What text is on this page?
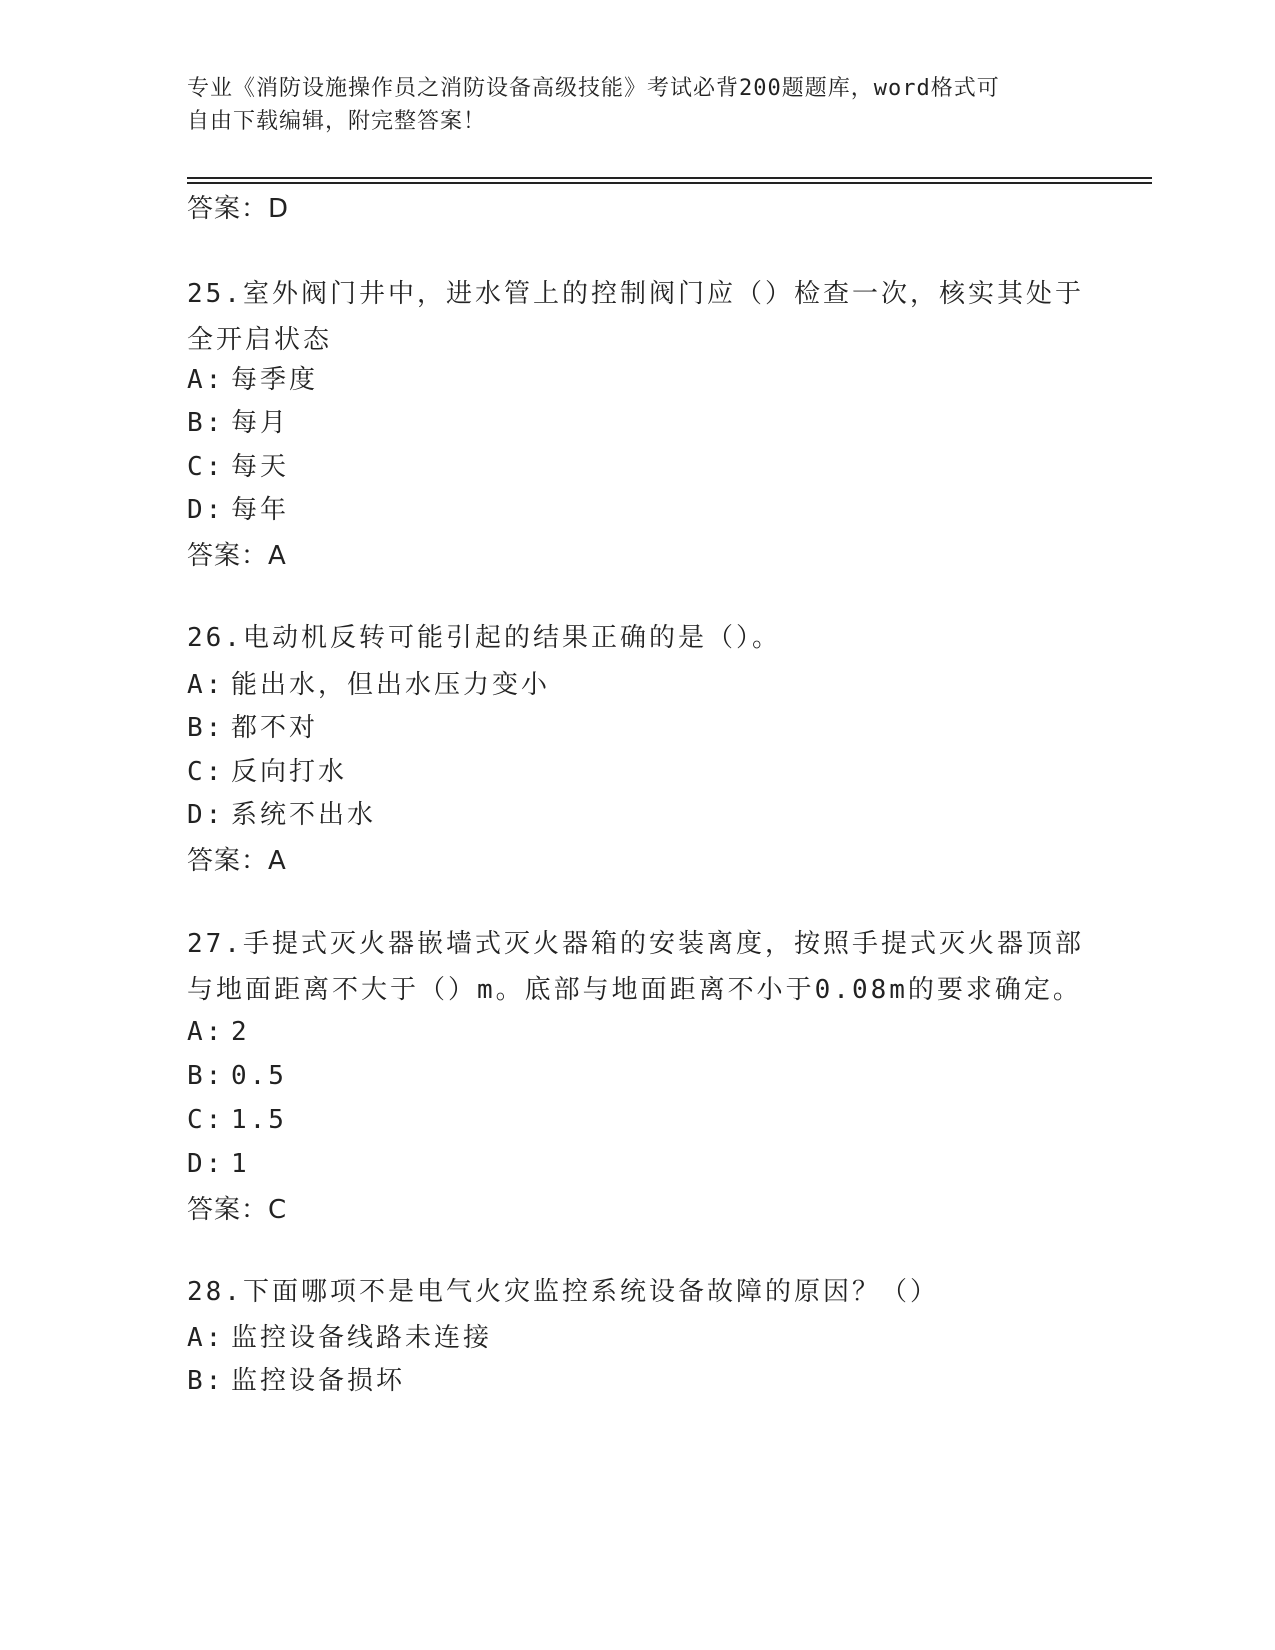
专业《消防设施操作员之消防设备高级技能》考试必背200题题库，word格式可
自由下载编辑，附完整答案！
答案：D
25.室外阀门井中，进水管上的控制阀门应（）检查一次，核实其处于
全开启状态
A: 每季度
B: 每月
C: 每天
D: 每年
答案：A
26.电动机反转可能引起的结果正确的是（）。
A: 能出水，但出水压力变小
B: 都不对
C: 反向打水
D: 系统不出水
答案：A
27.手提式灭火器嵌墙式灭火器箱的安装离度，按照手提式灭火器顶部
与地面距离不大于（）m。底部与地面距离不小于0.08m的要求确定。
A: 2
B: 0.5
C: 1.5
D: 1
答案：C
28.下面哪项不是电气火灾监控系统设备故障的原因？（）
A: 监控设备线路未连接
B: 监控设备损坏
